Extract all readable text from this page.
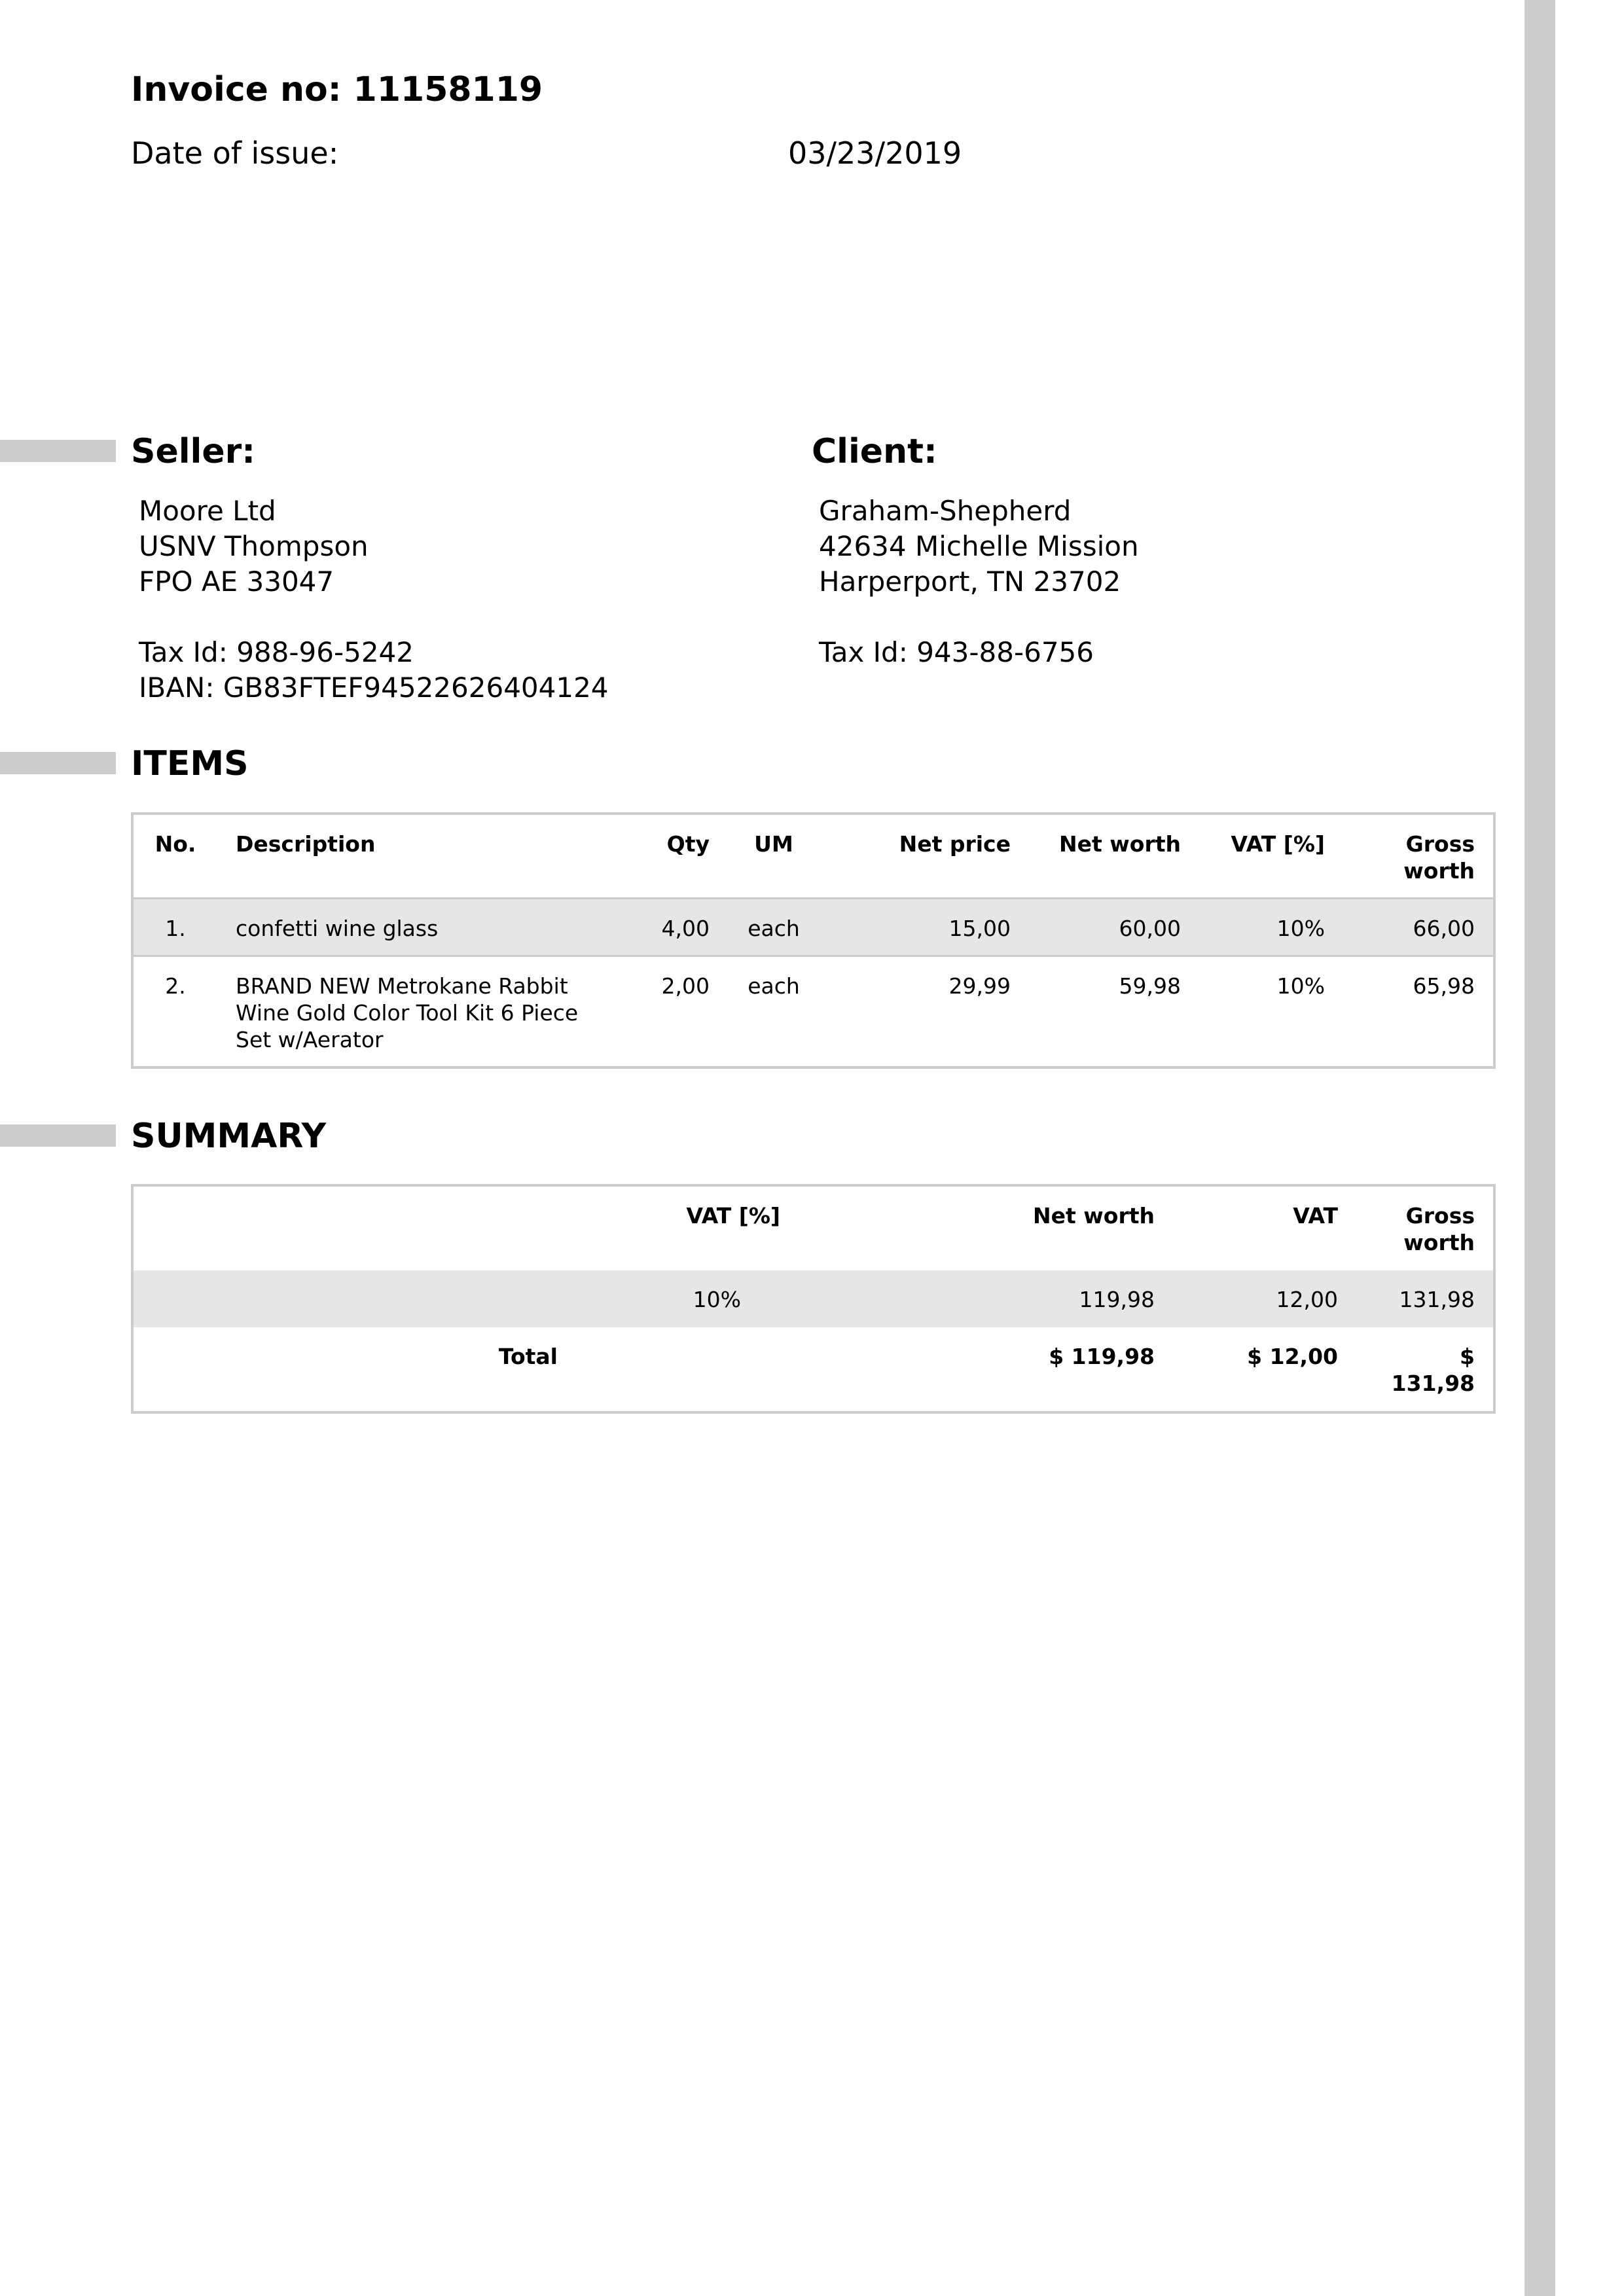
Invoice no: 11158119
Date of issue:	03/23/2019
Seller:	Client:
Moore Ltd
USNV Thompson
FPO AE 33047
Tax Id: 988-96-5242
IBAN: GB83FTEF94522626404124
Graham-Shepherd
42634 Michelle Mission
Harperport, TN 23702
Tax Id: 943-88-6756
ITEMS
No.	Description	Qty	UM	Net price	Net worth	VAT [%]	Gross
worth
1.	confetti wine glass	4,00	each	15,00	60,00	10%	66,00
2.	BRAND NEW Metrokane Rabbit
Wine Gold Color Tool Kit 6 Piece
Set w/Aerator	2,00	each	29,99	59,98	10%	65,98
SUMMARY
	VAT [%]	Net worth	VAT	Gross worth
	10%	119,98	12,00	131,98
Total		$ 119,98	$ 12,00	$ 131,98
